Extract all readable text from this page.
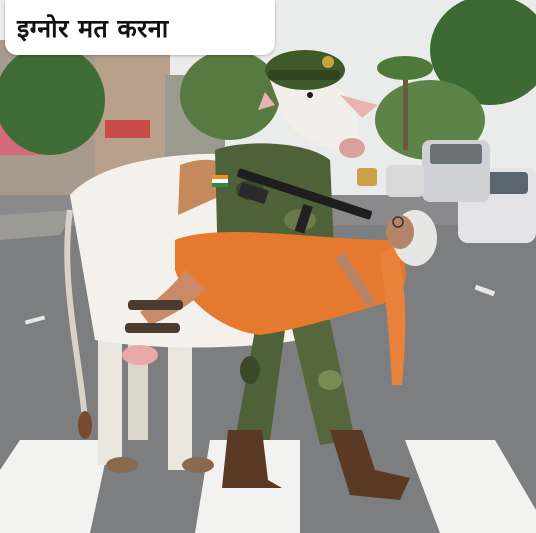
इग्नोर मत करना
